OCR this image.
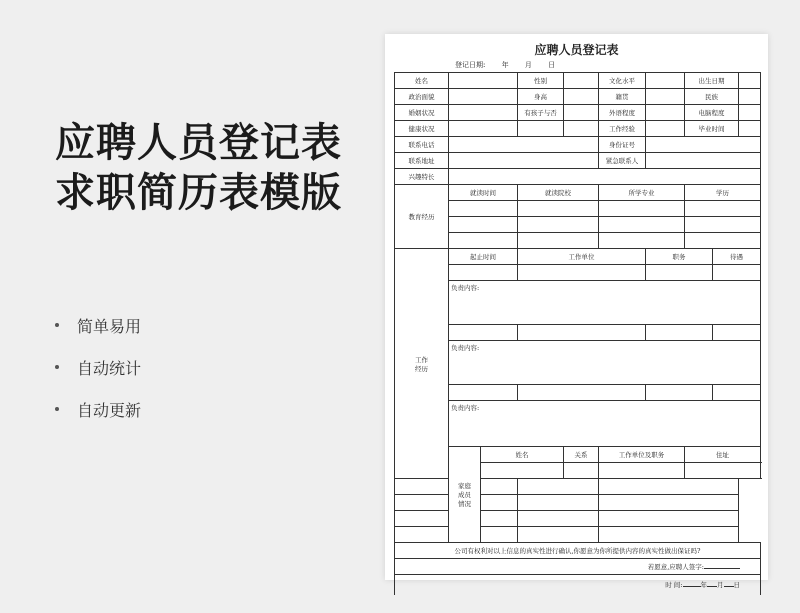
应聘人员登记表
求职简历表模版
简单易用
自动统计
自动更新
应聘人员登记表
登记日期: 年 月 日
姓名			性别		文化水平		出生日期		
政治面貌			身高		籍贯		民族		
婚姻状况			有孩子与否		外语程度		电脑程度		
健康状况					工作经验		毕业时间		
联系电话					身份证号				
联系地址					紧急联系人				
兴趣特长									
教育经历	就读时间		就读院校		所学专业		学历		

工作
经历	起止时间		工作单位			职务		待遇	

	负责内容:								

	负责内容:								

	负责内容:								
	家庭
成员
情况	姓名		关系	工作单位及职务		住址		

公司有权利对以上信息的真实性进行确认,你愿意为你所提供内容的真实性做出保证吗?									
若愿意,应聘人签字:									
时 间: 年 月 日									
